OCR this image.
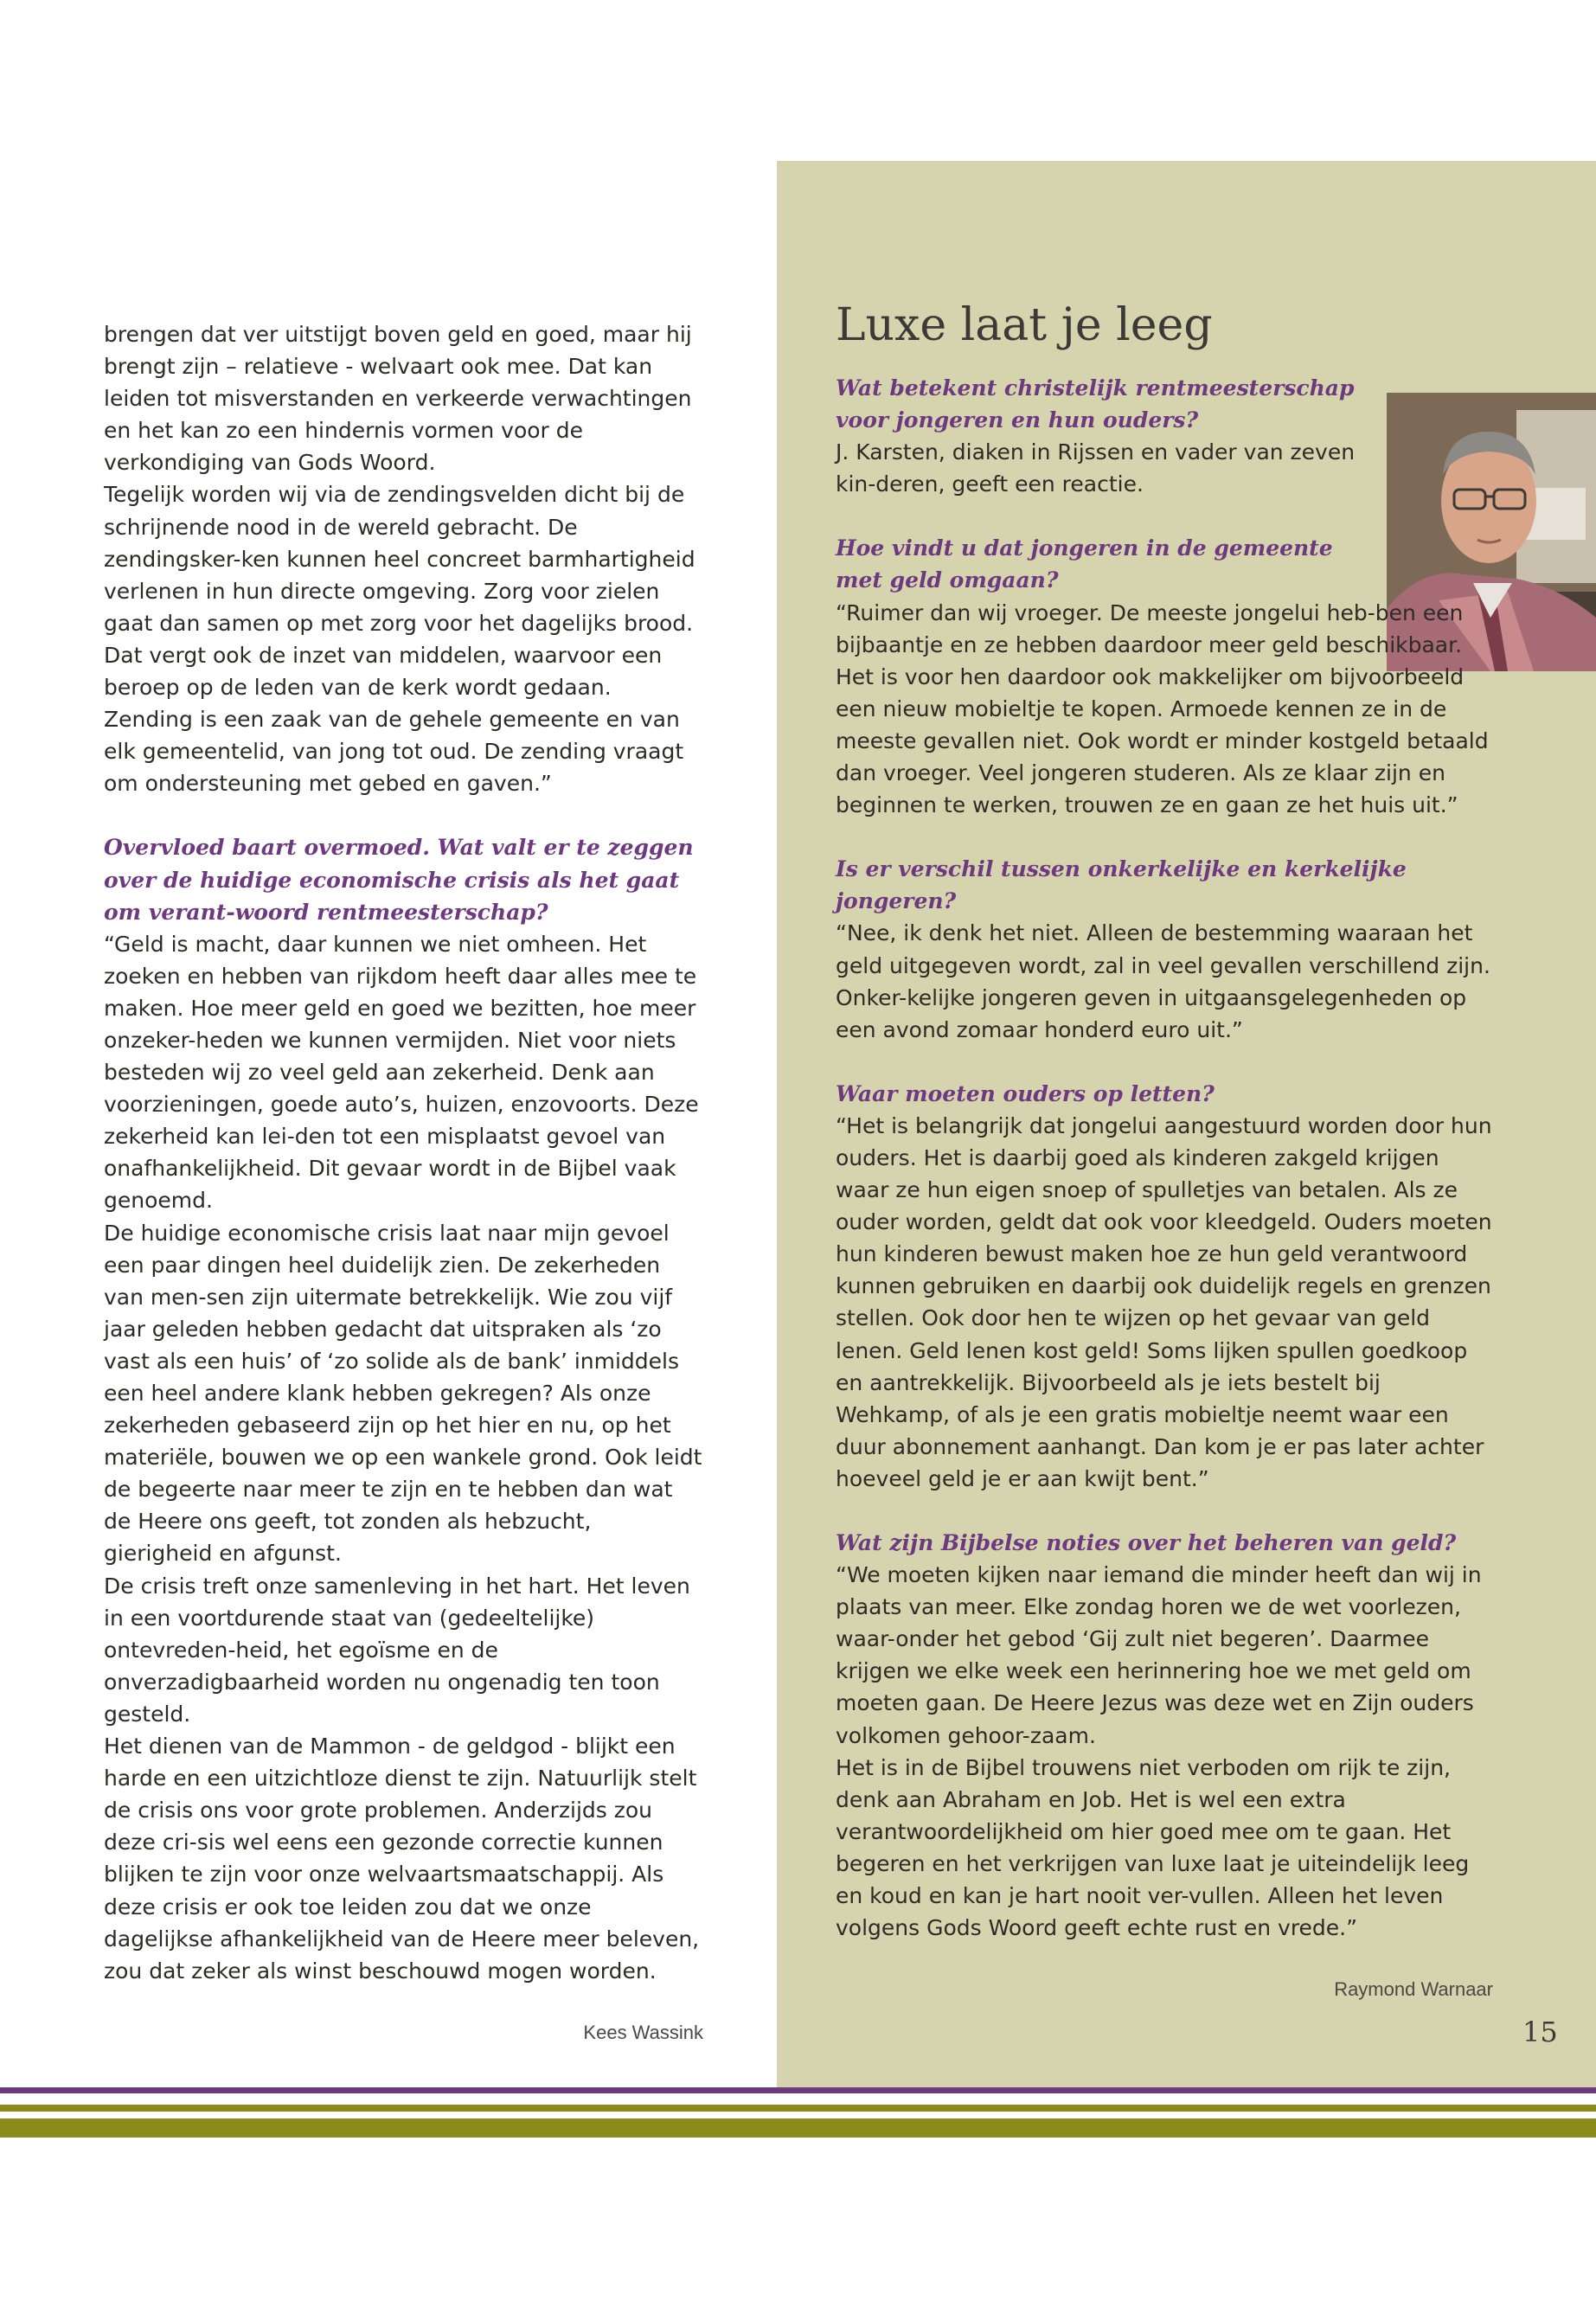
brengen dat ver uitstijgt boven geld en goed, maar hij brengt zijn – relatieve - welvaart ook mee. Dat kan leiden tot misverstanden en verkeerde verwachtingen en het kan zo een hindernis vormen voor de verkondiging van Gods Woord.

Tegelijk worden wij via de zendingsvelden dicht bij de schrijnende nood in de wereld gebracht. De zendingsker-ken kunnen heel concreet barmhartigheid verlenen in hun directe omgeving. Zorg voor zielen gaat dan samen op met zorg voor het dagelijks brood.

Dat vergt ook de inzet van middelen, waarvoor een beroep op de leden van de kerk wordt gedaan.

Zending is een zaak van de gehele gemeente en van elk gemeentelid, van jong tot oud. De zending vraagt om ondersteuning met gebed en gaven.”

Overvloed baart overmoed. Wat valt er te zeggen over de huidige economische crisis als het gaat om verant-woord rentmeesterschap?

“Geld is macht, daar kunnen we niet omheen. Het zoeken en hebben van rijkdom heeft daar alles mee te maken. Hoe meer geld en goed we bezitten, hoe meer onzeker-heden we kunnen vermijden. Niet voor niets besteden wij zo veel geld aan zekerheid. Denk aan voorzieningen, goede auto’s, huizen, enzovoorts. Deze zekerheid kan lei-den tot een misplaatst gevoel van onafhankelijkheid. Dit gevaar wordt in de Bijbel vaak genoemd.

De huidige economische crisis laat naar mijn gevoel een paar dingen heel duidelijk zien. De zekerheden van men-sen zijn uitermate betrekkelijk. Wie zou vijf jaar geleden hebben gedacht dat uitspraken als ‘zo vast als een huis’ of ‘zo solide als de bank’ inmiddels een heel andere klank hebben gekregen? Als onze zekerheden gebaseerd zijn op het hier en nu, op het materiële, bouwen we op een wankele grond. Ook leidt de begeerte naar meer te zijn en te hebben dan wat de Heere ons geeft, tot zonden als hebzucht, gierigheid en afgunst.

De crisis treft onze samenleving in het hart. Het leven in een voortdurende staat van (gedeeltelijke) ontevreden-heid, het egoïsme en de onverzadigbaarheid worden nu ongenadig ten toon gesteld.

Het dienen van de Mammon - de geldgod - blijkt een harde en een uitzichtloze dienst te zijn. Natuurlijk stelt de crisis ons voor grote problemen. Anderzijds zou deze cri-sis wel eens een gezonde correctie kunnen blijken te zijn voor onze welvaartsmaatschappij. Als deze crisis er ook toe leiden zou dat we onze dagelijkse afhankelijkheid van de Heere meer beleven, zou dat zeker als winst beschouwd mogen worden.

Kees Wassink

Luxe laat je leeg

Wat betekent christelijk rentmeesterschap voor jongeren en hun ouders?

J. Karsten, diaken in Rijssen en vader van zeven kin-deren, geeft een reactie.

Hoe vindt u dat jongeren in de gemeente met geld omgaan?

“Ruimer dan wij vroeger. De meeste jongelui heb-ben een bijbaantje en ze hebben daardoor meer geld beschikbaar. Het is voor hen daardoor ook makkelijker om bijvoorbeeld een nieuw mobieltje te kopen. Armoede kennen ze in de meeste gevallen niet. Ook wordt er minder kostgeld betaald dan vroeger. Veel jongeren studeren. Als ze klaar zijn en beginnen te werken, trouwen ze en gaan ze het huis uit.”

Is er verschil tussen onkerkelijke en kerkelijke jongeren?

“Nee, ik denk het niet. Alleen de bestemming waaraan het geld uitgegeven wordt, zal in veel gevallen verschillend zijn. Onker-kelijke jongeren geven in uitgaansgelegenheden op een avond zomaar honderd euro uit.”

Waar moeten ouders op letten?

“Het is belangrijk dat jongelui aangestuurd worden door hun ouders. Het is daarbij goed als kinderen zakgeld krijgen waar ze hun eigen snoep of spulletjes van betalen. Als ze ouder worden, geldt dat ook voor kleedgeld. Ouders moeten hun kinderen bewust maken hoe ze hun geld verantwoord kunnen gebruiken en daarbij ook duidelijk regels en grenzen stellen. Ook door hen te wijzen op het gevaar van geld lenen. Geld lenen kost geld! Soms lijken spullen goedkoop en aantrekkelijk. Bijvoorbeeld als je iets bestelt bij Wehkamp, of als je een gratis mobieltje neemt waar een duur abonnement aanhangt. Dan kom je er pas later achter hoeveel geld je er aan kwijt bent.”

Wat zijn Bijbelse noties over het beheren van geld?

“We moeten kijken naar iemand die minder heeft dan wij in plaats van meer. Elke zondag horen we de wet voorlezen, waar-onder het gebod ‘Gij zult niet begeren’. Daarmee krijgen we elke week een herinnering hoe we met geld om moeten gaan. De Heere Jezus was deze wet en Zijn ouders volkomen gehoor-zaam.

Het is in de Bijbel trouwens niet verboden om rijk te zijn, denk aan Abraham en Job. Het is wel een extra verantwoordelijkheid om hier goed mee om te gaan. Het begeren en het verkrijgen van luxe laat je uiteindelijk leeg en koud en kan je hart nooit ver-vullen. Alleen het leven volgens Gods Woord geeft echte rust en vrede.”

Raymond Warnaar

15
